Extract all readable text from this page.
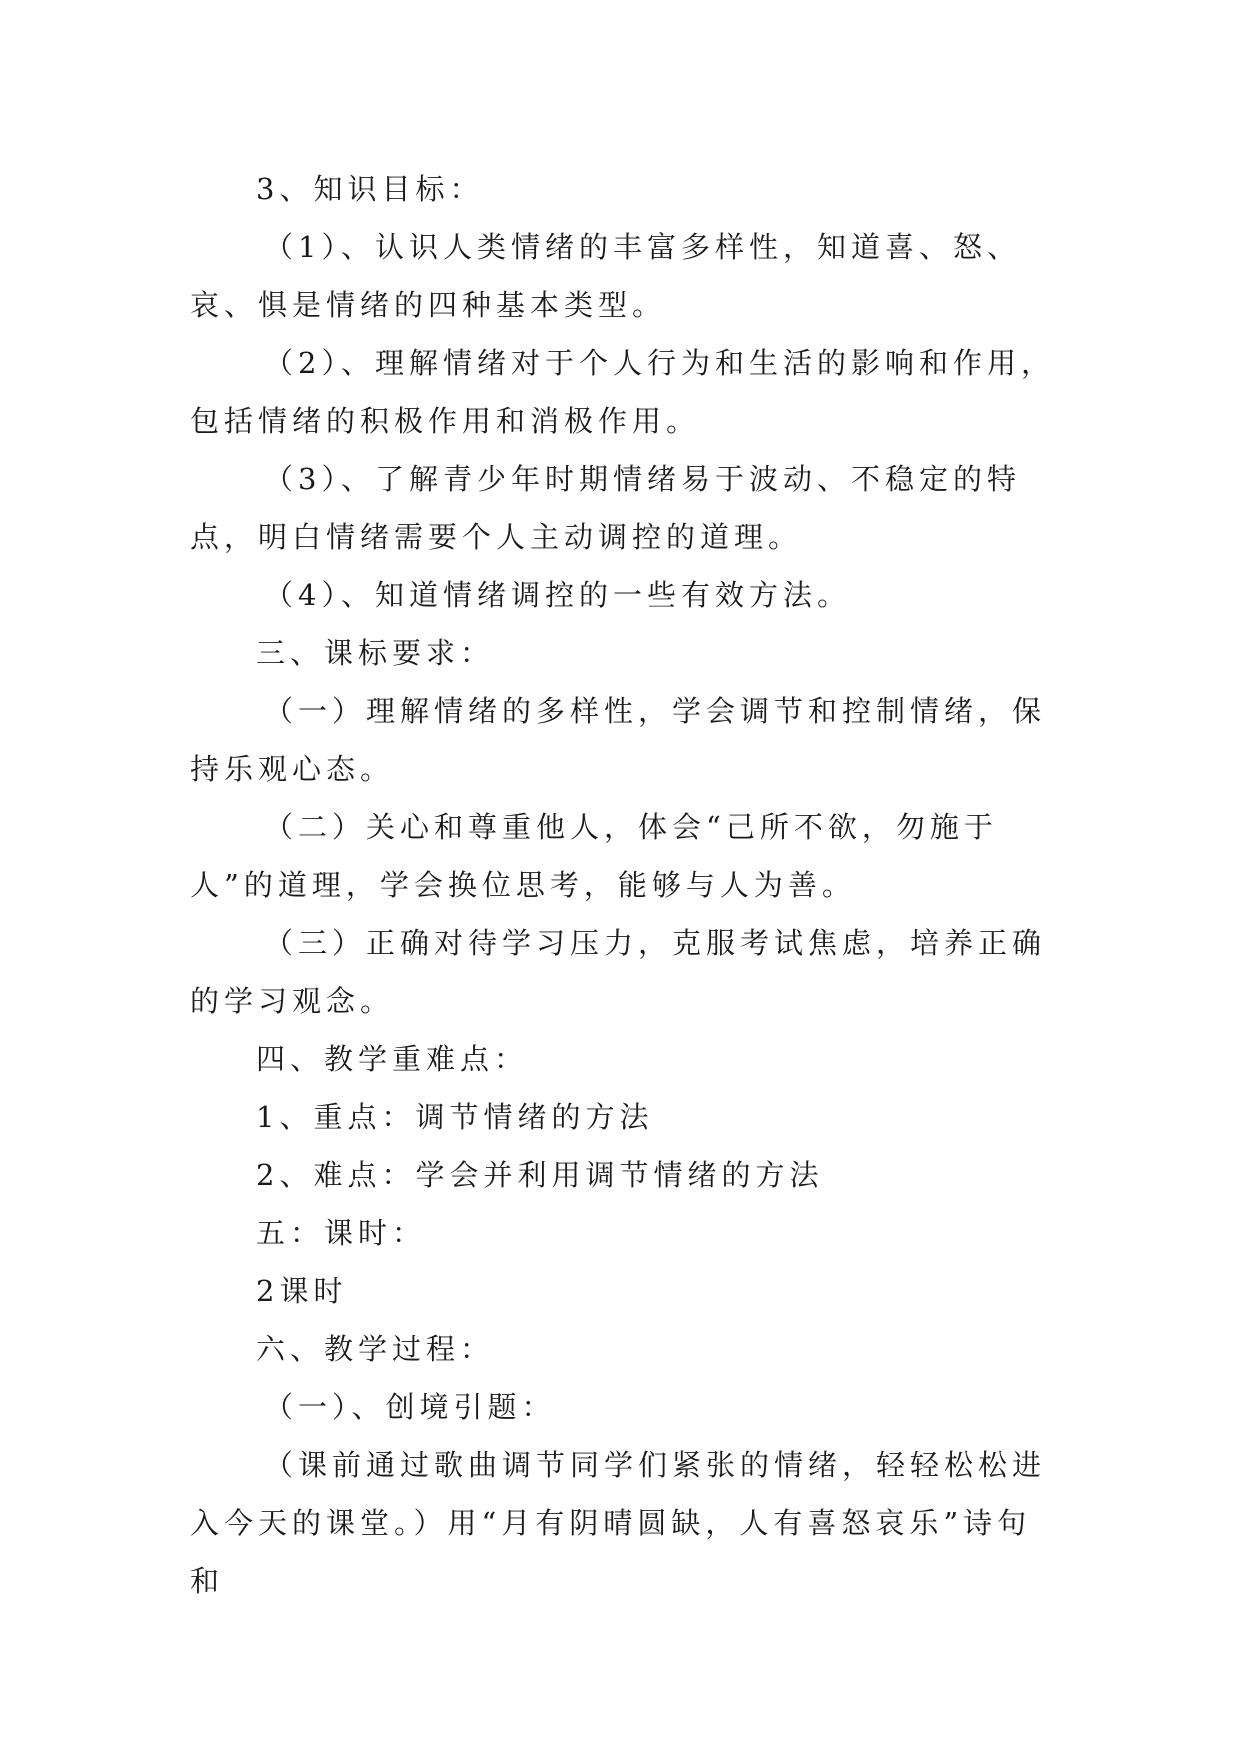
3、知识目标：

（1）、认识人类情绪的丰富多样性，知道喜、怒、哀、惧是情绪的四种基本类型。

（2）、理解情绪对于个人行为和生活的影响和作用，包括情绪的积极作用和消极作用。

（3）、了解青少年时期情绪易于波动、不稳定的特点，明白情绪需要个人主动调控的道理。

（4）、知道情绪调控的一些有效方法。

三、课标要求：

（一）理解情绪的多样性，学会调节和控制情绪，保持乐观心态。

（二）关心和尊重他人，体会“己所不欲，勿施于人”的道理，学会换位思考，能够与人为善。

（三）正确对待学习压力，克服考试焦虑，培养正确的学习观念。

四、教学重难点：

1、重点：调节情绪的方法

2、难点：学会并利用调节情绪的方法

五：课时：

2课时

六、教学过程：

（一）、创境引题：

（课前通过歌曲调节同学们紧张的情绪，轻轻松松进入今天的课堂。）用“月有阴晴圆缺，人有喜怒哀乐”诗句和
